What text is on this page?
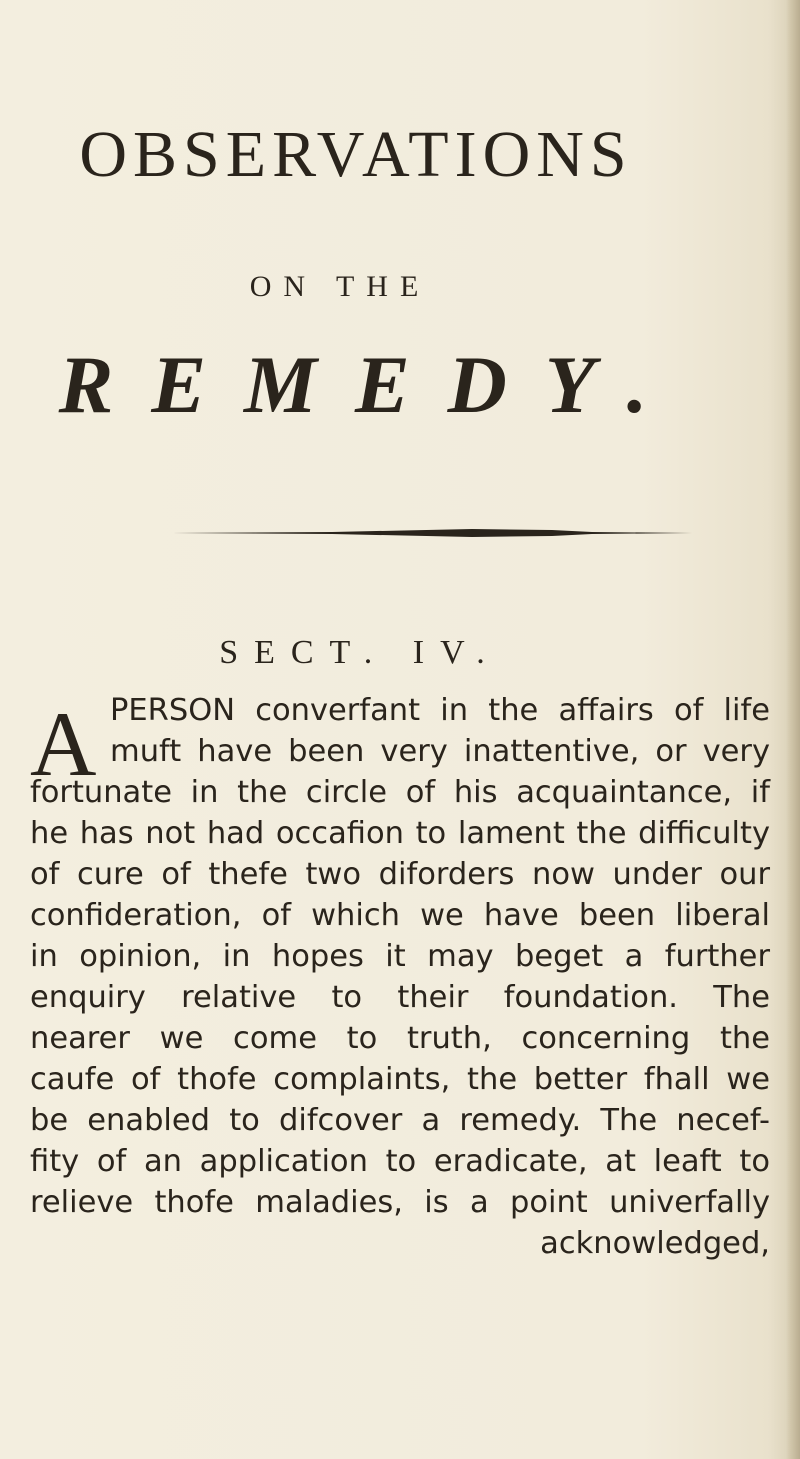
OBSERVATIONS
ON THE
REMEDY.
SECT. IV.
A PERSON converfant in the affairs of life
muft have been very inattentive, or very
fortunate in the circle of his acquaintance, if
he has not had occafion to lament the difficulty
of cure of thefe two diforders now under our
confideration, of which we have been liberal
in opinion, in hopes it may beget a further
enquiry relative to their foundation. The
nearer we come to truth, concerning the
caufe of thofe complaints, the better fhall we
be enabled to difcover a remedy. The necef-
fity of an application to eradicate, at leaft to
relieve thofe maladies, is a point univerfally
acknowledged,
